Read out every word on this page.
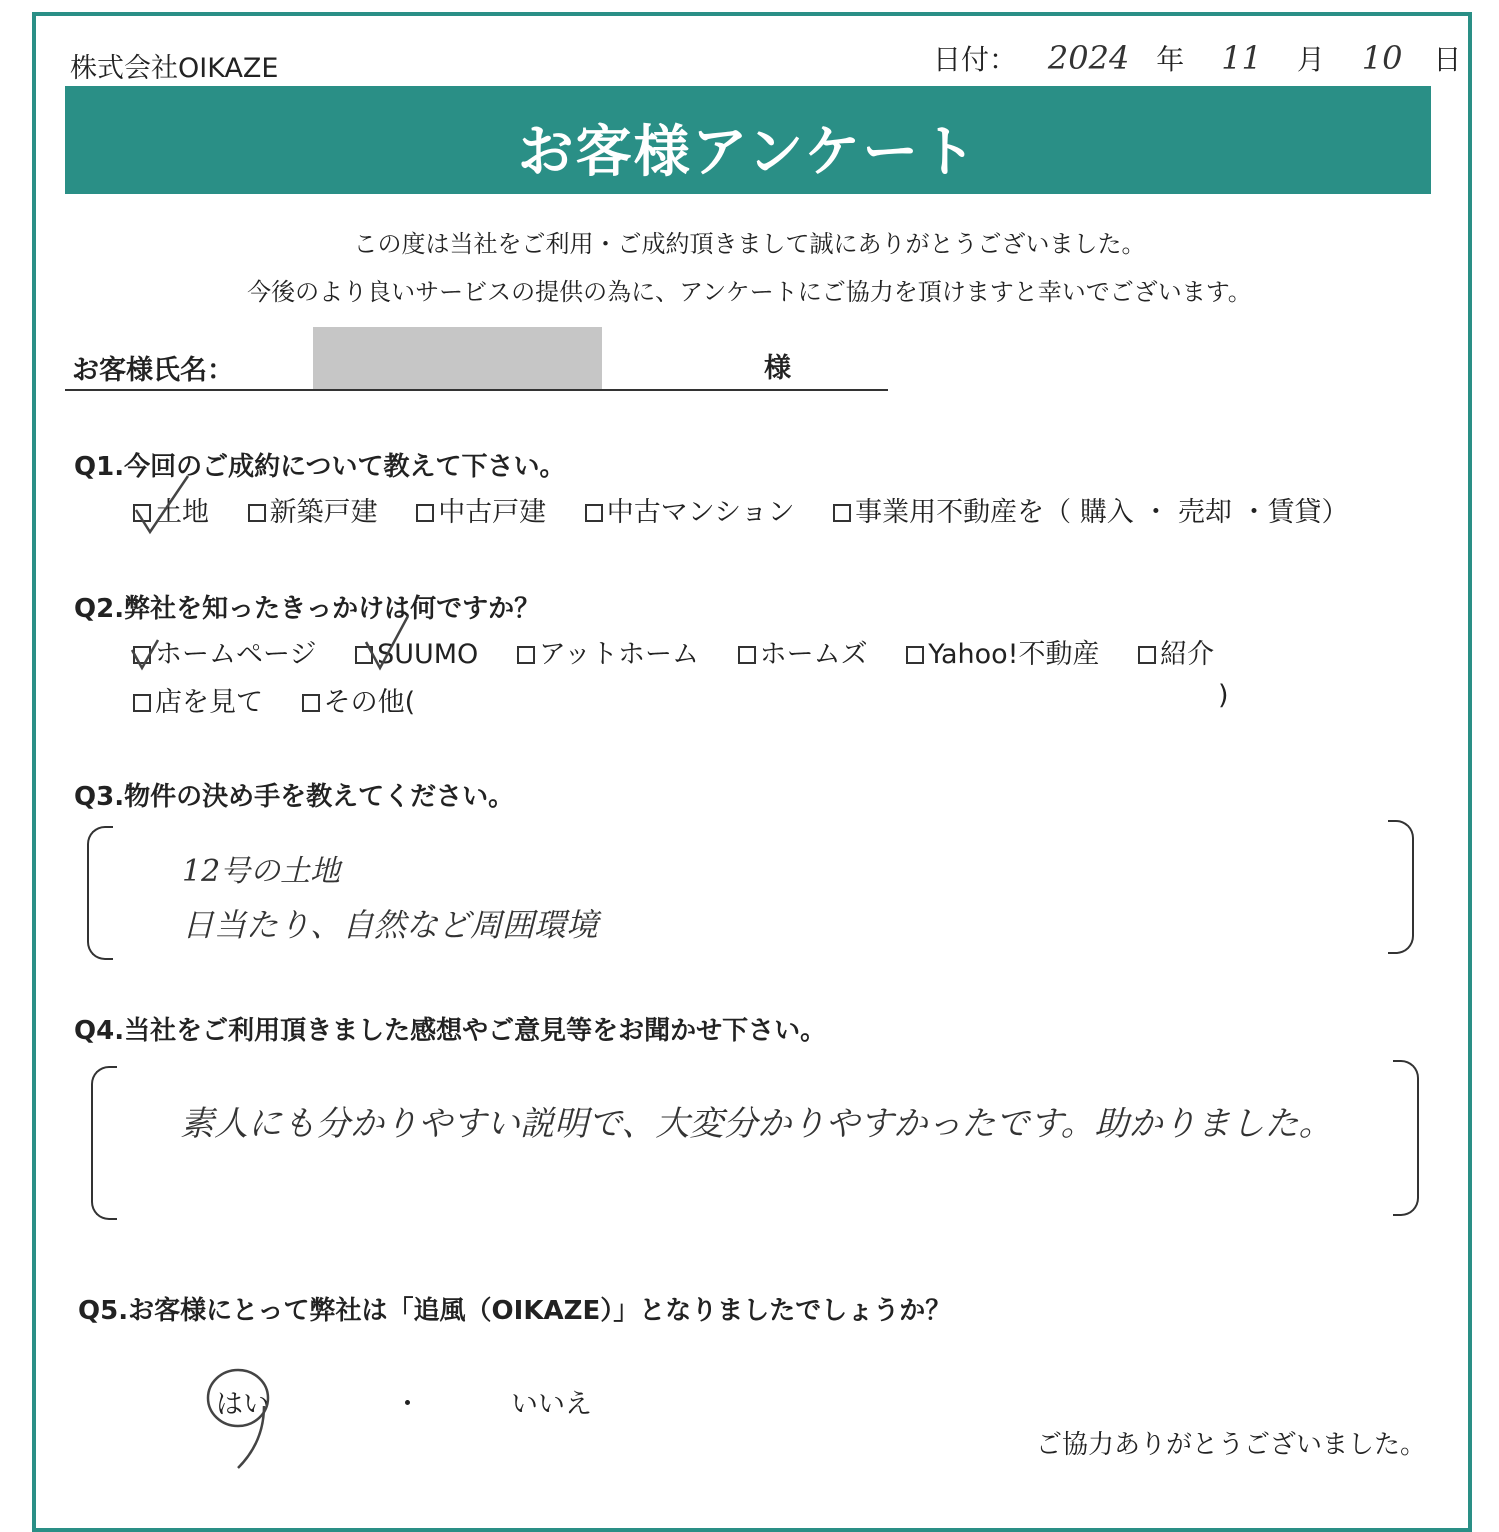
株式会社OIKAZE	日付： 2024 年 11 月 10 日
お客様アンケート
この度は当社をご利用・ご成約頂きまして誠にありがとうございました。
今後のより良いサービスの提供の為に、アンケートにご協力を頂けますと幸いでございます。
お客様氏名：	様
Q1.今回のご成約について教えて下さい。
土地 新築戸建 中古戸建 中古マンション 事業用不動産を（ 購入 ・ 売却 ・賃貸）
Q2.弊社を知ったきっかけは何ですか？
ホームページ SUUMO アットホーム ホームズ Yahoo!不動産 紹介
店を見て その他(	)
Q3.物件の決め手を教えてください。
12号の土地
日当たり、自然など周囲環境
Q4.当社をご利用頂きました感想やご意見等をお聞かせ下さい。
素人にも分かりやすい説明で、大変分かりやすかったです。助かりました。
Q5.お客様にとって弊社は「追風（OIKAZE）」となりましたでしょうか？
はい	・	いいえ
ご協力ありがとうございました。
